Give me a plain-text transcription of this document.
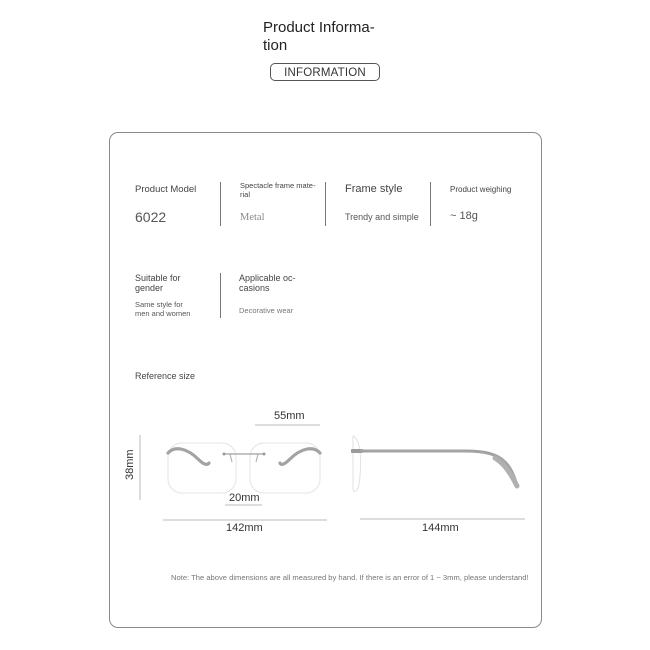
Product Informa-
tion
INFORMATION

Product Model

6022

Spectacle frame mate-
rial

Metal

Frame style

Trendy and simple

Product weighing

~ 18g

Suitable for
gender

Same style for
men and women

Applicable oc-
casions

Decorative wear

Reference size

55mm

38mm

20mm

142mm	144mm

Note: The above dimensions are all measured by hand. If there is an error of 1 ~ 3mm, please understand!
